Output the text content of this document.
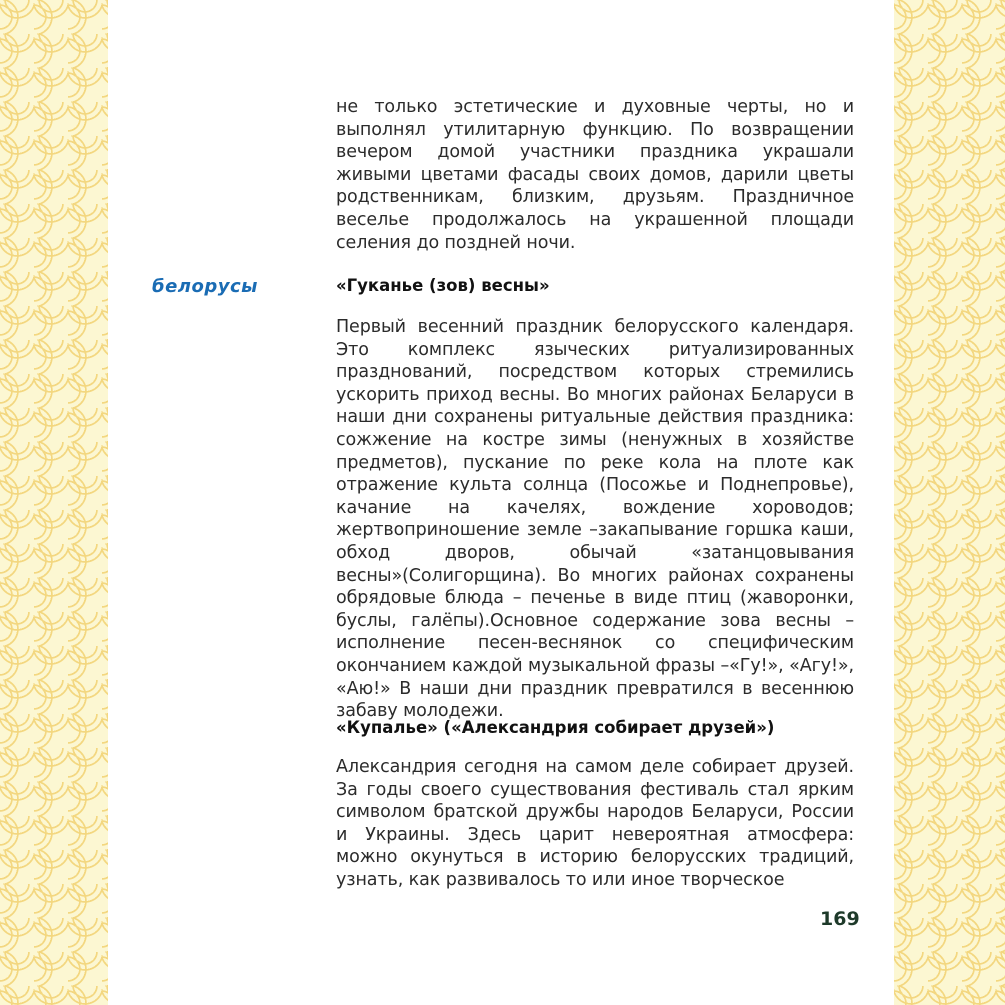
не только эстетические и духовные черты, но и выполнял утилитарную функцию. По возвращении вечером домой участники праздника украшали живыми цветами фасады своих домов, дарили цветы родственникам, близким, друзьям. Праздничное веселье продолжалось на украшенной площади селения до поздней ночи.

белорусы	«Гуканье (зов) весны»

Первый весенний праздник белорусского календаря. Это комплекс языческих ритуализированных празднований, посредством которых стремились ускорить приход весны. Во многих районах Беларуси в наши дни сохранены ритуальные действия праздника: сожжение на костре зимы (ненужных в хозяйстве предметов), пускание по реке кола на плоте как отражение культа солнца (Посожье и Поднепровье), качание на качелях, вождение хороводов; жертвоприношение земле –закапывание горшка каши, обход дворов, обычай «затанцовывания весны»(Солигорщина). Во многих районах сохранены обрядовые блюда – печенье в виде птиц (жаворонки, буслы, галёпы).Основное содержание зова весны –исполнение песен-веснянок со специфическим окончанием каждой музыкальной фразы –«Гу!», «Агу!», «Аю!» В наши дни праздник превратился в весеннюю забаву молодежи.

«Купалье» («Александрия собирает друзей»)

Александрия сегодня на самом деле собирает друзей. За годы своего существования фестиваль стал ярким символом братской дружбы народов Беларуси, России и Украины. Здесь царит невероятная атмосфера: можно окунуться в историю белорусских традиций, узнать, как развивалось то или иное творческое

169
